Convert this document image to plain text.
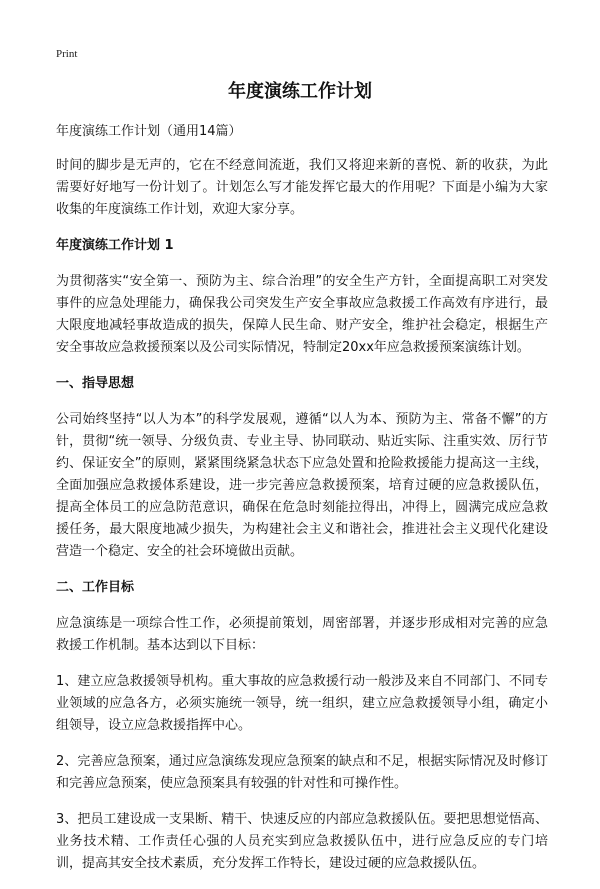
Print
年度演练工作计划

年度演练工作计划（通用14篇）

时间的脚步是无声的，它在不经意间流逝，我们又将迎来新的喜悦、新的收获，为此需要好好地写一份计划了。计划怎么写才能发挥它最大的作用呢？下面是小编为大家收集的年度演练工作计划，欢迎大家分享。

年度演练工作计划 1

为贯彻落实“安全第一、预防为主、综合治理”的安全生产方针，全面提高职工对突发事件的应急处理能力，确保我公司突发生产安全事故应急救援工作高效有序进行，最大限度地减轻事故造成的损失，保障人民生命、财产安全，维护社会稳定，根据生产安全事故应急救援预案以及公司实际情况，特制定20xx年应急救援预案演练计划。

一、指导思想

公司始终坚持“以人为本”的科学发展观，遵循“以人为本、预防为主、常备不懈”的方针，贯彻“统一领导、分级负责、专业主导、协同联动、贴近实际、注重实效、厉行节约、保证安全”的原则，紧紧围绕紧急状态下应急处置和抢险救援能力提高这一主线，全面加强应急救援体系建设，进一步完善应急救援预案，培育过硬的应急救援队伍，提高全体员工的应急防范意识，确保在危急时刻能拉得出，冲得上，圆满完成应急救援任务，最大限度地减少损失，为构建社会主义和谐社会，推进社会主义现代化建设营造一个稳定、安全的社会环境做出贡献。

二、工作目标

应急演练是一项综合性工作，必须提前策划，周密部署，并逐步形成相对完善的应急救援工作机制。基本达到以下目标：

1、建立应急救援领导机构。重大事故的应急救援行动一般涉及来自不同部门、不同专业领域的应急各方，必须实施统一领导，统一组织，建立应急救援领导小组，确定小组领导，设立应急救援指挥中心。

2、完善应急预案，通过应急演练发现应急预案的缺点和不足，根据实际情况及时修订和完善应急预案，使应急预案具有较强的针对性和可操作性。

3、把员工建设成一支果断、精干、快速反应的内部应急救援队伍。要把思想觉悟高、业务技术精、工作责任心强的人员充实到应急救援队伍中，进行应急反应的专门培训，提高其安全技术素质，充分发挥工作特长，建设过硬的应急救援队伍。
